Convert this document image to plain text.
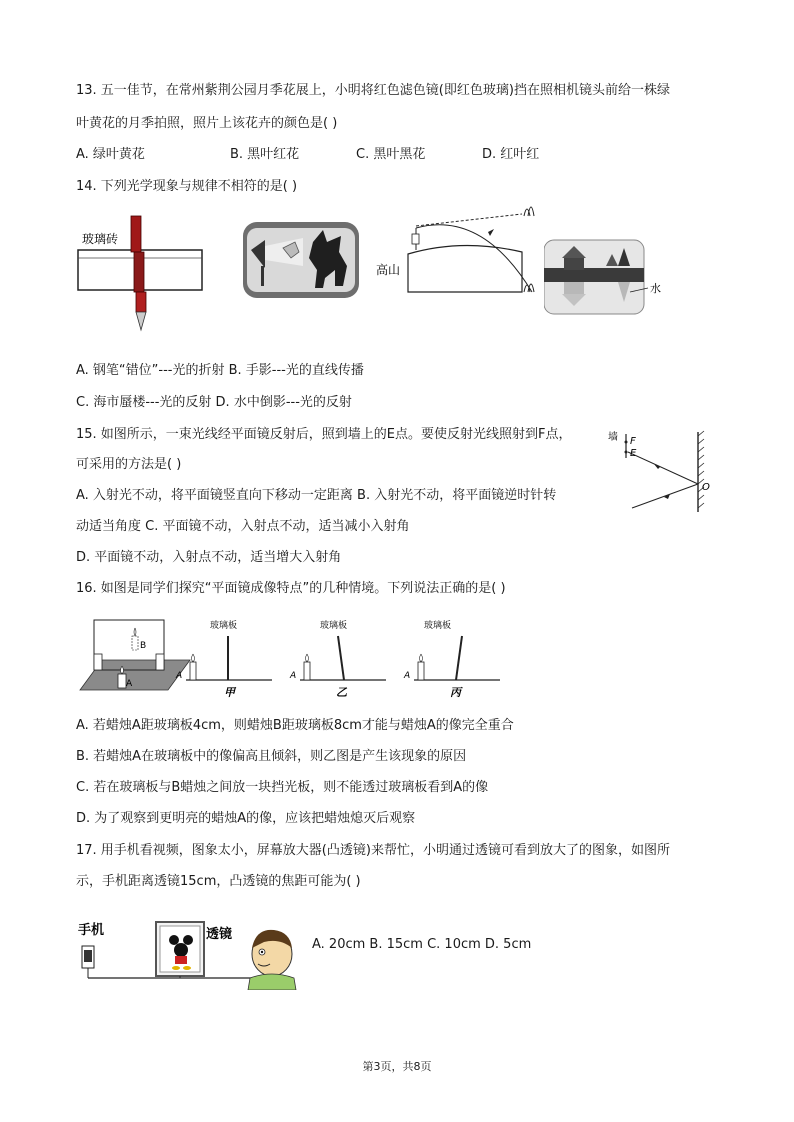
13. 五一佳节，在常州紫荆公园月季花展上，小明将红色滤色镜(即红色玻璃)挡在照相机镜头前给一株绿
叶黄花的月季拍照，照片上该花卉的颜色是( )
A. 绿叶黄花	B. 黑叶红花	C. 黑叶黑花	D. 红叶红
14. 下列光学现象与规律不相符的是( )
玻璃砖
高山
水
A. 钢笔“错位”---光的折射 B. 手影---光的直线传播
C. 海市蜃楼---光的反射 D. 水中倒影---光的反射
15. 如图所示，一束光线经平面镜反射后，照到墙上的E点。要使反射光线照射到F点，
可采用的方法是( )
A. 入射光不动，将平面镜竖直向下移动一定距离 B. 入射光不动，将平面镜逆时针转
动适当角度 C. 平面镜不动，入射点不动，适当减小入射角
D. 平面镜不动，入射点不动，适当增大入射角
墙 F
E
O
16. 如图是同学们探究“平面镜成像特点”的几种情境。下列说法正确的是( )
A
B
玻璃板
A
甲
玻璃板
A
乙
玻璃板
A
丙
A. 若蜡烛A距玻璃板4cm，则蜡烛B距玻璃板8cm才能与蜡烛A的像完全重合
B. 若蜡烛A在玻璃板中的像偏高且倾斜，则乙图是产生该现象的原因
C. 若在玻璃板与B蜡烛之间放一块挡光板，则不能透过玻璃板看到A的像
D. 为了观察到更明亮的蜡烛A的像，应该把蜡烛熄灭后观察
17. 用手机看视频，图象太小，屏幕放大器(凸透镜)来帮忙，小明通过透镜可看到放大了的图象，如图所
示，手机距离透镜15cm，凸透镜的焦距可能为( )
手机	透镜
A. 20cm B. 15cm C. 10cm D. 5cm
第3页，共8页
